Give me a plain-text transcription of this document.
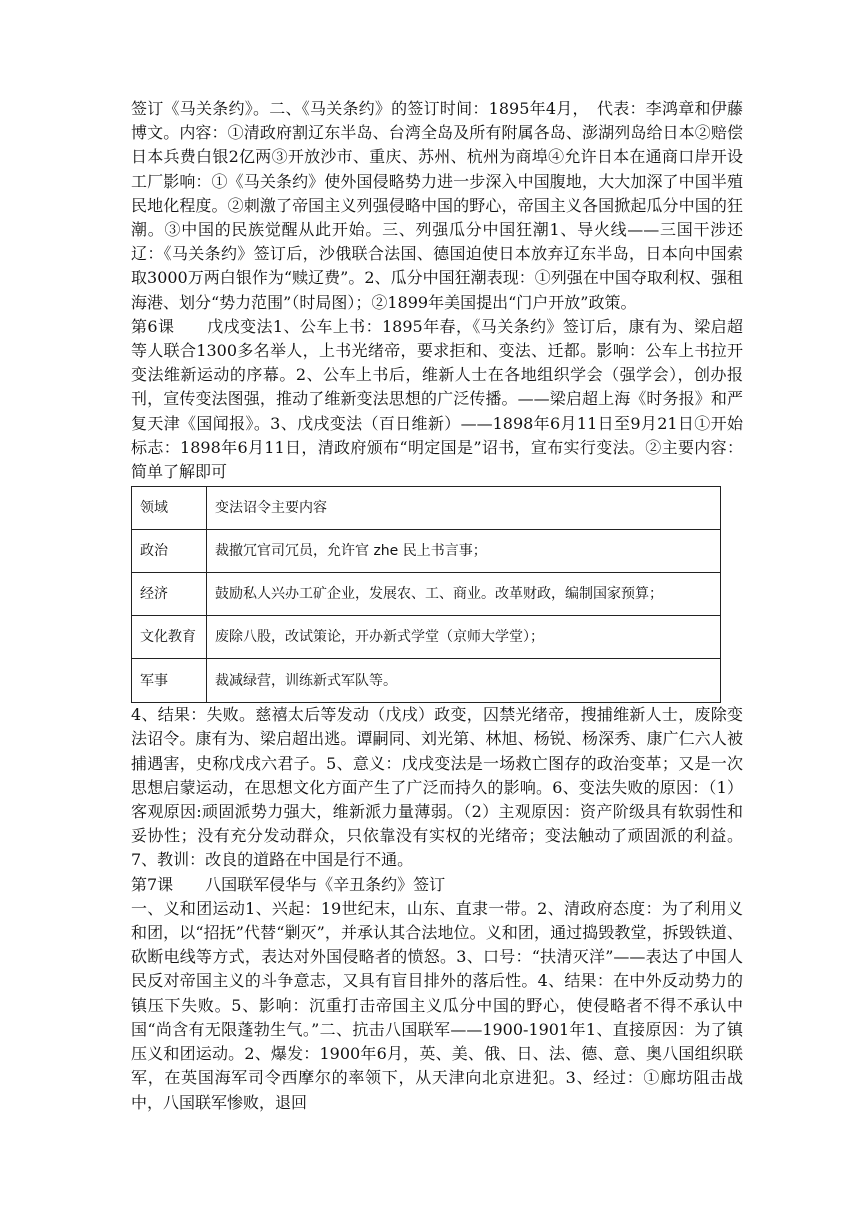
签订《马关条约》。二、《马关条约》的签订时间：1895年4月，　代表：李鸿章和伊藤博文。内容：①清政府割辽东半岛、台湾全岛及所有附属各岛、澎湖列岛给日本②赔偿日本兵费白银2亿两③开放沙市、重庆、苏州、杭州为商埠④允许日本在通商口岸开设工厂影响：①《马关条约》使外国侵略势力进一步深入中国腹地，大大加深了中国半殖民地化程度。②刺激了帝国主义列强侵略中国的野心，帝国主义各国掀起瓜分中国的狂潮。③中国的民族觉醒从此开始。三、列强瓜分中国狂潮1、导火线——三国干涉还辽：《马关条约》签订后，沙俄联合法国、德国迫使日本放弃辽东半岛，日本向中国索取3000万两白银作为“赎辽费”。2、瓜分中国狂潮表现：①列强在中国夺取利权、强租海港、划分“势力范围”（时局图）；②1899年美国提出“门户开放”政策。

第6课　　戊戌变法1、公车上书：1895年春，《马关条约》签订后，康有为、梁启超等人联合1300多名举人，上书光绪帝，要求拒和、变法、迁都。影响：公车上书拉开变法维新运动的序幕。2、公车上书后，维新人士在各地组织学会（强学会），创办报刊，宣传变法图强，推动了维新变法思想的广泛传播。——梁启超上海《时务报》和严复天津《国闻报》。3、戊戌变法（百日维新）——1898年6月11日至9月21日①开始标志：1898年6月11日，清政府颁布“明定国是”诏书，宣布实行变法。②主要内容：简单了解即可

领域	变法诏令主要内容
政治	裁撤冗官司冗员，允许官 zhe 民上书言事；
经济	鼓励私人兴办工矿企业，发展农、工、商业。改革财政，编制国家预算；
文化教育	废除八股，改试策论，开办新式学堂（京师大学堂）；
军事	裁减绿营，训练新式军队等。

4、结果：失败。慈禧太后等发动（戊戌）政变，囚禁光绪帝，搜捕维新人士，废除变法诏令。康有为、梁启超出逃。谭嗣同、刘光第、林旭、杨锐、杨深秀、康广仁六人被捕遇害，史称戊戌六君子。5、意义：戊戌变法是一场救亡图存的政治变革；又是一次思想启蒙运动，在思想文化方面产生了广泛而持久的影响。6、变法失败的原因：（1）客观原因:顽固派势力强大，维新派力量薄弱。（2）主观原因：资产阶级具有软弱性和妥协性；没有充分发动群众，只依靠没有实权的光绪帝；变法触动了顽固派的利益。7、教训：改良的道路在中国是行不通。

第7课　　八国联军侵华与《辛丑条约》签订

一、义和团运动1、兴起：19世纪末，山东、直隶一带。2、清政府态度：为了利用义和团，以“招抚”代替“剿灭”，并承认其合法地位。义和团，通过捣毁教堂，拆毁铁道、砍断电线等方式，表达对外国侵略者的愤怒。3、口号：“扶清灭洋”——表达了中国人民反对帝国主义的斗争意志，又具有盲目排外的落后性。4、结果：在中外反动势力的镇压下失败。5、影响：沉重打击帝国主义瓜分中国的野心，使侵略者不得不承认中国“尚含有无限蓬勃生气。”二、抗击八国联军——1900-1901年1、直接原因：为了镇压义和团运动。2、爆发：1900年6月，英、美、俄、日、法、德、意、奥八国组织联军，在英国海军司令西摩尔的率领下，从天津向北京进犯。3、经过：①廊坊阻击战中，八国联军惨败，退回
